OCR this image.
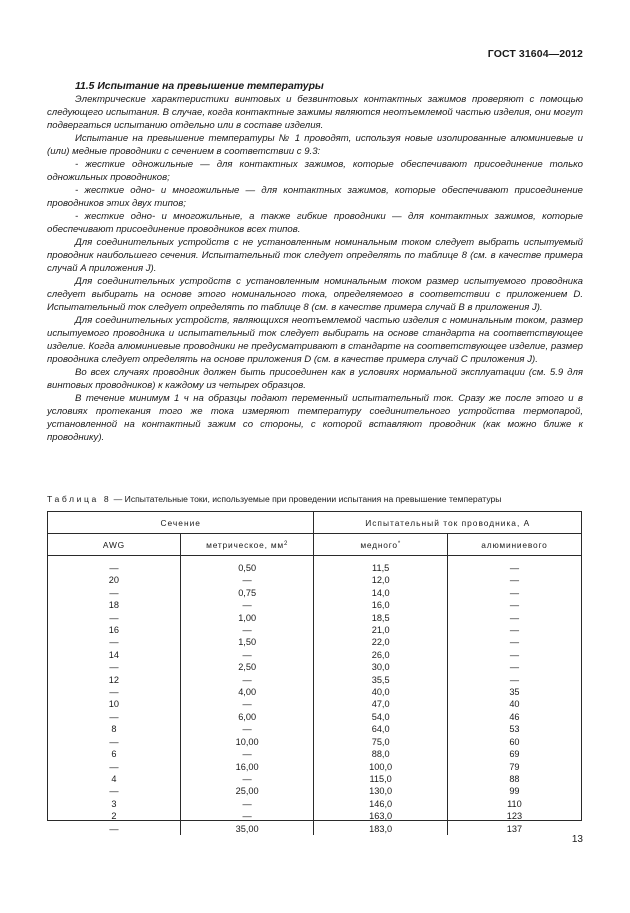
ГОСТ 31604—2012

11.5 Испытание на превышение температуры

Электрические характеристики винтовых и безвинтовых контактных зажимов проверяют с помощью следующего испытания. В случае, когда контактные зажимы являются неотъемлемой частью изделия, они могут подвергаться испытанию отдельно или в составе изделия.

Испытание на превышение температуры № 1 проводят, используя новые изолированные алюминиевые и (или) медные проводники с сечением в соответствии с 9.3:

- жесткие одножильные — для контактных зажимов, которые обеспечивают присоединение только одножильных проводников;

- жесткие одно- и многожильные — для контактных зажимов, которые обеспечивают присоединение проводников этих двух типов;

- жесткие одно- и многожильные, а также гибкие проводники — для контактных зажимов, которые обеспечивают присоединение проводников всех типов.

Для соединительных устройств с не установленным номинальным током следует выбрать испытуемый проводник наибольшего сечения. Испытательный ток следует определять по таблице 8 (см. в качестве примера случай A приложения J).

Для соединительных устройств с установленным номинальным током размер испытуемого проводника следует выбирать на основе этого номинального тока, определяемого в соответствии с приложением D. Испытательный ток следует определять по таблице 8 (см. в качестве примера случай B в приложения J).

Для соединительных устройств, являющихся неотъемлемой частью изделия с номинальным током, размер испытуемого проводника и испытательный ток следует выбирать на основе стандарта на соответствующее изделие. Когда алюминиевые проводники не предусматривают в стандарте на соответствующее изделие, размер проводника следует определять на основе приложения D (см. в качестве примера случай C приложения J).

Во всех случаях проводник должен быть присоединен как в условиях нормальной эксплуатации (см. 5.9 для винтовых проводников) к каждому из четырех образцов.

В течение минимум 1 ч на образцы подают переменный испытательный ток. Сразу же после этого и в условиях протекания того же тока измеряют температуру соединительного устройства термопарой, установленной на контактный зажим со стороны, с которой вставляют проводник (как можно ближе к проводнику).

Таблица 8 — Испытательные токи, используемые при проведении испытания на превышение температуры
Сечение		Испытательный ток проводника, А	
AWG	метрическое, $мм^2$	медного*	алюминиевого
—	0,50	11,5	—
20	—	12,0	—
—	0,75	14,0	—
18	—	16,0	—
—	1,00	18,5	—
16	—	21,0	—
—	1,50	22,0	—
14	—	26,0	—
—	2,50	30,0	—
12	—	35,5	—
—	4,00	40,0	35
10	—	47,0	40
—	6,00	54,0	46
8	—	64,0	53
—	10,00	75,0	60
6	—	88,0	69
—	16,00	100,0	79
4	—	115,0	88
—	25,00	130,0	99
3	—	146,0	110
2	—	163,0	123
—	35,00	183,0	137
13
